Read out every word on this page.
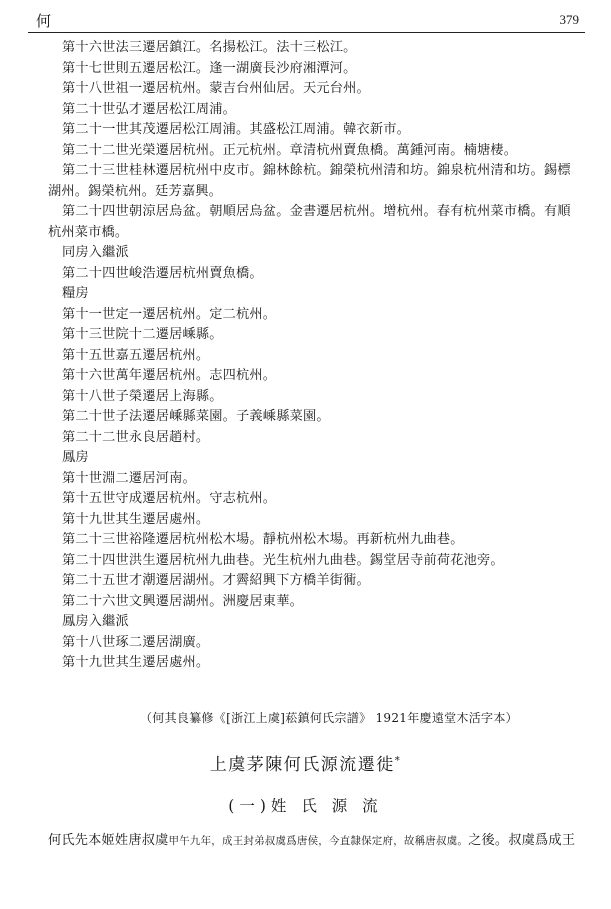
何	379
第十六世法三遷居鎮江。名揚松江。法十三松江。
第十七世則五遷居松江。逢一湖廣長沙府湘潭河。
第十八世祖一遷居杭州。蒙吉台州仙居。天元台州。
第二十世弘才遷居松江周浦。
第二十一世其茂遷居松江周浦。其盛松江周浦。韓衣新市。
第二十二世光榮遷居杭州。正元杭州。章清杭州賣魚橋。萬鍾河南。楠塘棲。
第二十三世桂林遷居杭州中皮市。錦林餘杭。錦榮杭州清和坊。錦泉杭州清和坊。錫標
湖州。錫榮杭州。廷芳嘉興。
第二十四世朝涼居烏盆。朝順居烏盆。金書遷居杭州。增杭州。春有杭州菜市橋。有順
杭州菜市橋。
同房入繼派
第二十四世峻浩遷居杭州賣魚橋。
糧房
第十一世定一遷居杭州。定二杭州。
第十三世院十二遷居嵊縣。
第十五世嘉五遷居杭州。
第十六世萬年遷居杭州。志四杭州。
第十八世子榮遷居上海縣。
第二十世子法遷居嵊縣菜園。子義嵊縣菜園。
第二十二世永良居趙村。
鳳房
第十世淵二遷居河南。
第十五世守成遷居杭州。守志杭州。
第十九世其生遷居處州。
第二十三世裕隆遷居杭州松木場。靜杭州松木場。再新杭州九曲巷。
第二十四世洪生遷居杭州九曲巷。光生杭州九曲巷。錫堂居寺前荷花池旁。
第二十五世才潮遷居湖州。才霽紹興下方橋羊街衕。
第二十六世文興遷居湖州。洲慶居東華。
鳳房入繼派
第十八世琢二遷居湖廣。
第十九世其生遷居處州。
（何其良纂修《[浙江上虞]菘鎮何氏宗譜》 1921年慶遠堂木活字本）
上虞茅陳何氏源流遷徙*
(一)姓 氏 源 流
何氏先本姬姓唐叔虞甲午九年，成王封弟叔虞爲唐侯，今直隸保定府，故稱唐叔虞。之後。叔虞爲成王
